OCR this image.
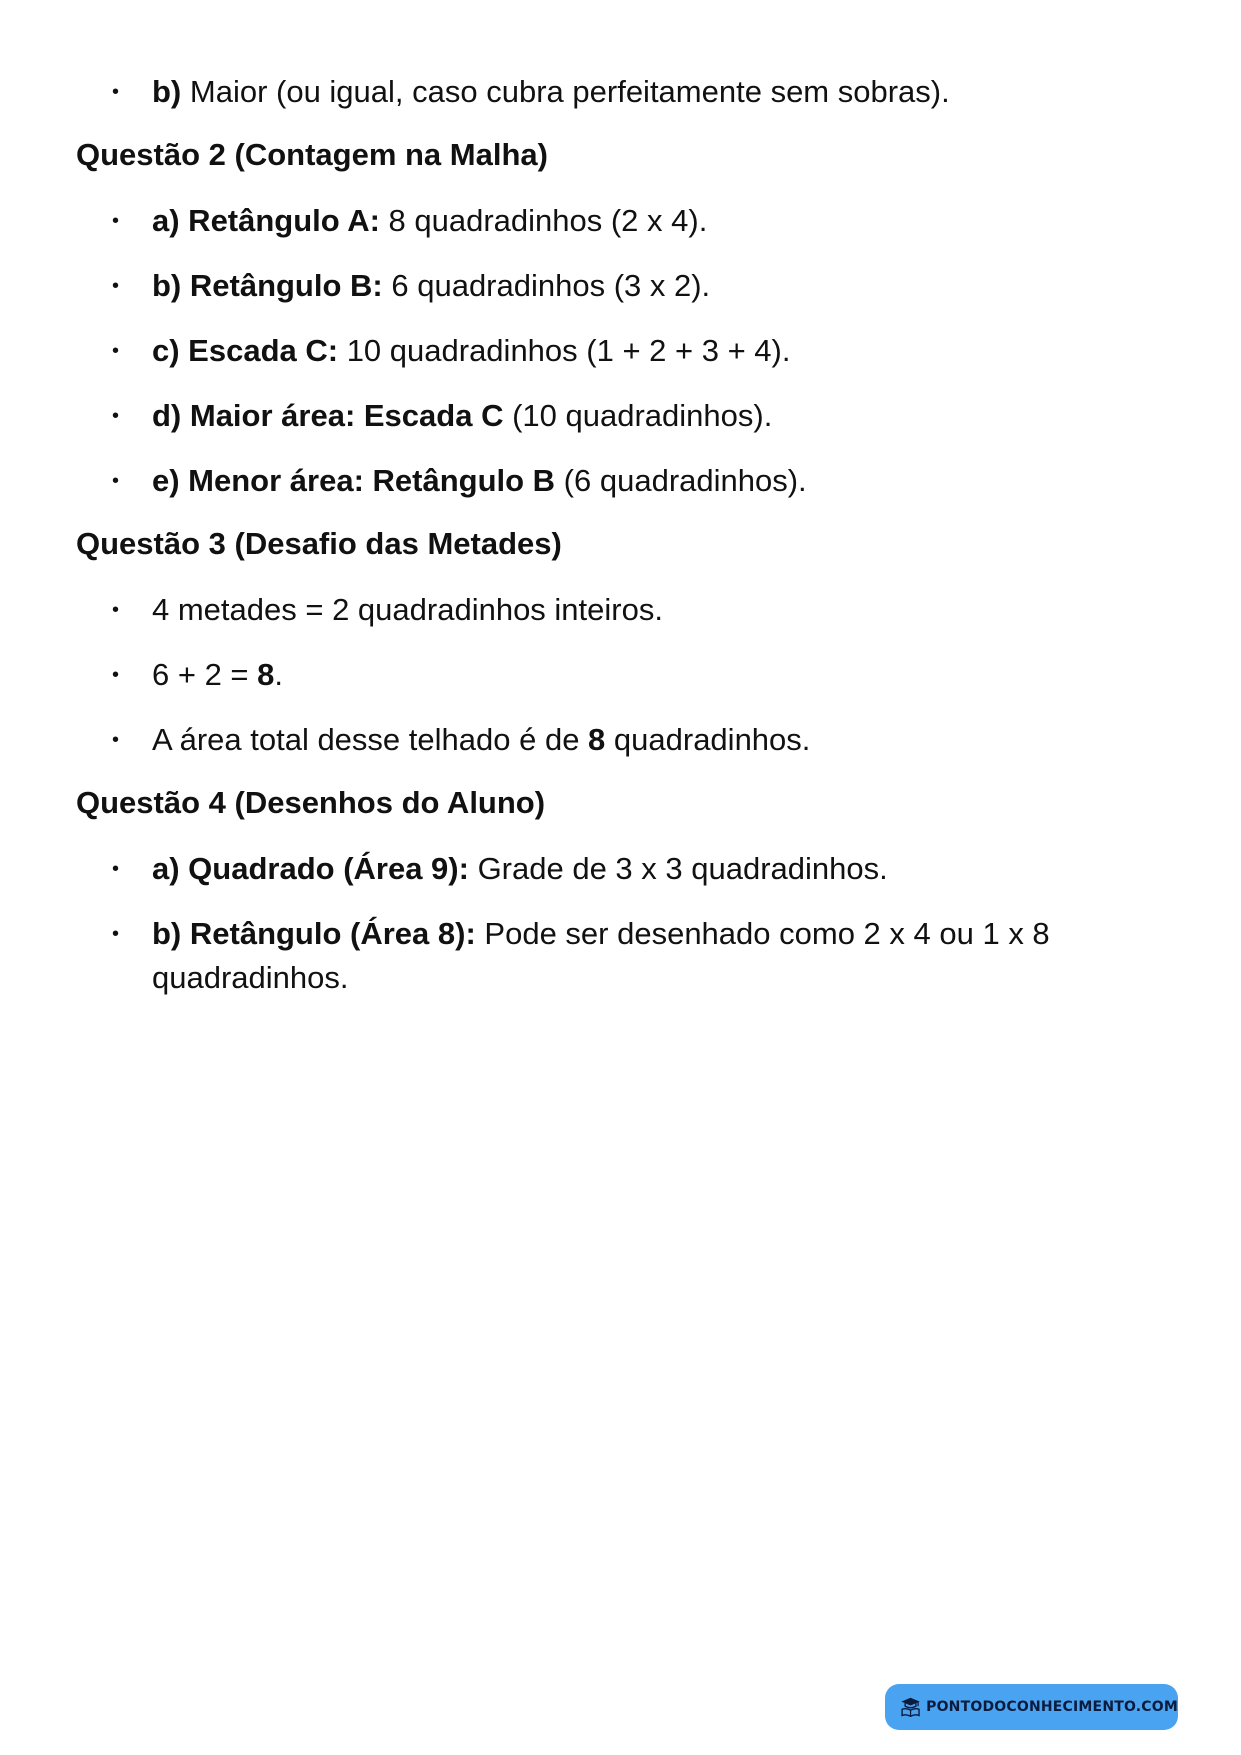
• b) Maior (ou igual, caso cubra perfeitamente sem sobras).
Questão 2 (Contagem na Malha)
• a) Retângulo A: 8 quadradinhos (2 x 4).
• b) Retângulo B: 6 quadradinhos (3 x 2).
• c) Escada C: 10 quadradinhos (1 + 2 + 3 + 4).
• d) Maior área: Escada C (10 quadradinhos).
• e) Menor área: Retângulo B (6 quadradinhos).
Questão 3 (Desafio das Metades)
• 4 metades = 2 quadradinhos inteiros.
• 6 + 2 = 8.
• A área total desse telhado é de 8 quadradinhos.
Questão 4 (Desenhos do Aluno)
• a) Quadrado (Área 9): Grade de 3 x 3 quadradinhos.
• b) Retângulo (Área 8): Pode ser desenhado como 2 x 4 ou 1 x 8 quadradinhos.
PONTODOCONHECIMENTO.COM
